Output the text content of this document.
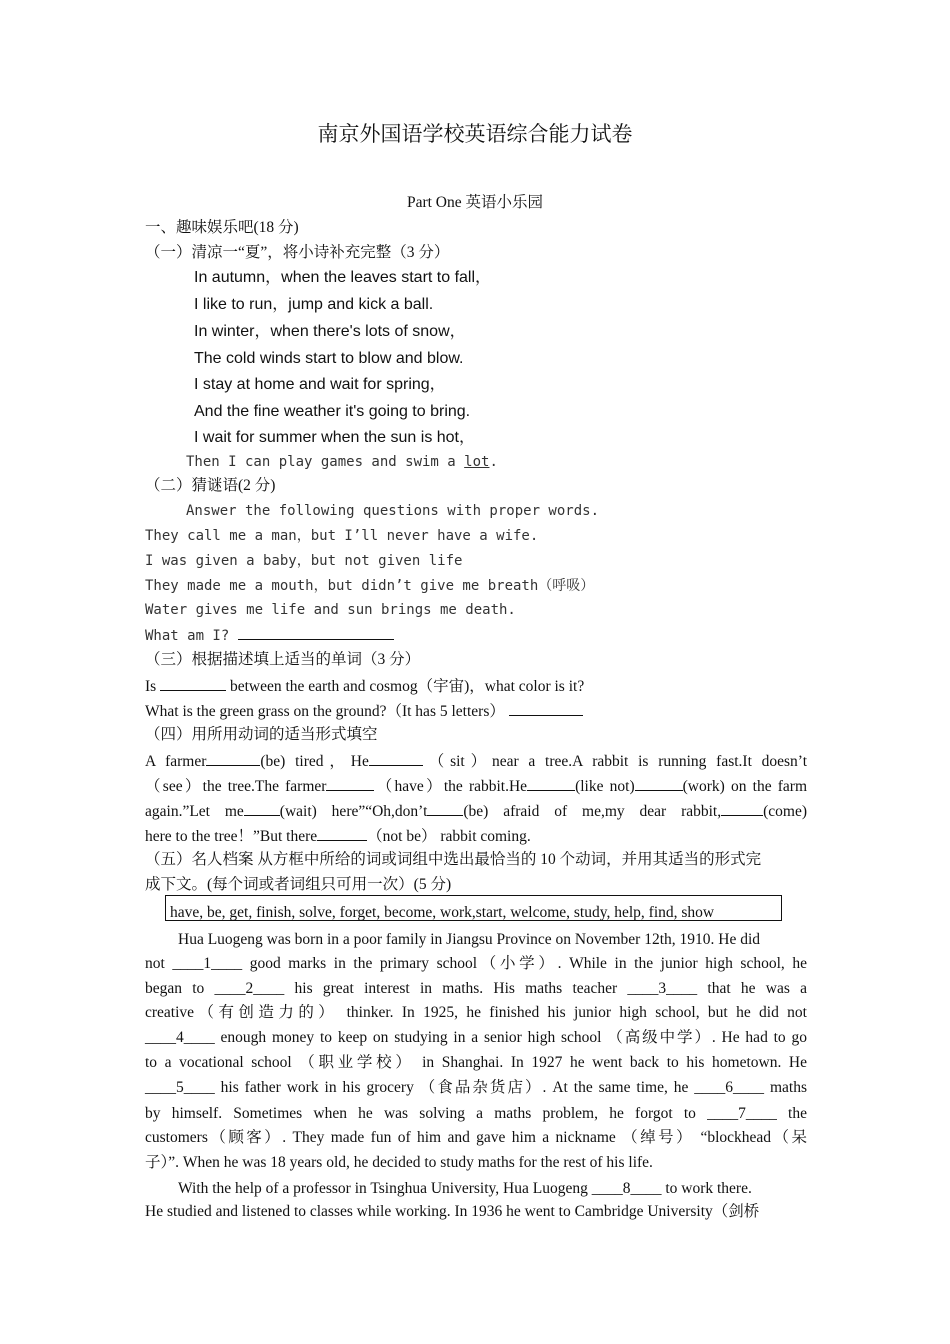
南京外国语学校英语综合能力试卷
Part One 英语小乐园
一、趣味娱乐吧(18 分)
（一）清凉一“夏”，将小诗补充完整（3 分）
In autumn，when the leaves start to fall，
I like to run，jump and kick a ball.
In winter，when there's lots of snow，
The cold winds start to blow and blow.
I stay at home and wait for spring，
And the fine weather it's going to bring.
I wait for summer when the sun is hot，
Then I can play games and swim a lot.
（二）猜谜语(2 分)
Answer the following questions with proper words.
They call me a man，but I’ll never have a wife.
I was given a baby，but not given life
They made me a mouth，but didn’t give me breath（呼吸）
Water gives me life and sun brings me death.
What am I?
（三）根据描述填上适当的单词（3 分）
Is	between the earth and cosmog（宇宙)，what color is it?
What is the green grass on the ground?（It has 5 letters）
（四）用所用动词的适当形式填空
A farmer	(be) tired，He	（sit）near a tree.A rabbit is running fast.It doesn’t
（see）the tree.The farmer	（have）the rabbit.He	(like not)	(work) on the farm
again.”Let me (wait) here”“Oh,don’t (be) afraid of me,my dear rabbit,	(come)
here to the tree！”But there	（not be） rabbit coming.
（五）名人档案 从方框中所给的词或词组中选出最恰当的 10 个动词，并用其适当的形式完
成下文。(每个词或者词组只可用一次）(5 分)
have, be, get, finish, solve, forget, become, work,start, welcome, study, help, find, show
Hua Luogeng was born in a poor family in Jiangsu Province on November 12th, 1910. He did
not ____1____ good marks in the primary school（小学）. While in the junior high school, he
began to ____2____ his great interest in maths. His maths teacher ____3____ that he was a
creative（有创造力的） thinker. In 1925, he finished his junior high school, but he did not
____4____ enough money to keep on studying in a senior high school （高级中学）. He had to go
to a vocational school （职业学校） in Shanghai. In 1927 he went back to his hometown. He
____5____ his father work in his grocery （食品杂货店）. At the same time, he ____6____ maths
by himself. Sometimes when he was solving a maths problem, he forgot to ____7____ the
customers（顾客）. They made fun of him and gave him a nickname （绰号） “blockhead（呆
子）”. When he was 18 years old, he decided to study maths for the rest of his life.
With the help of a professor in Tsinghua University, Hua Luogeng ____8____ to work there.
He studied and listened to classes while working. In 1936 he went to Cambridge University（剑桥
